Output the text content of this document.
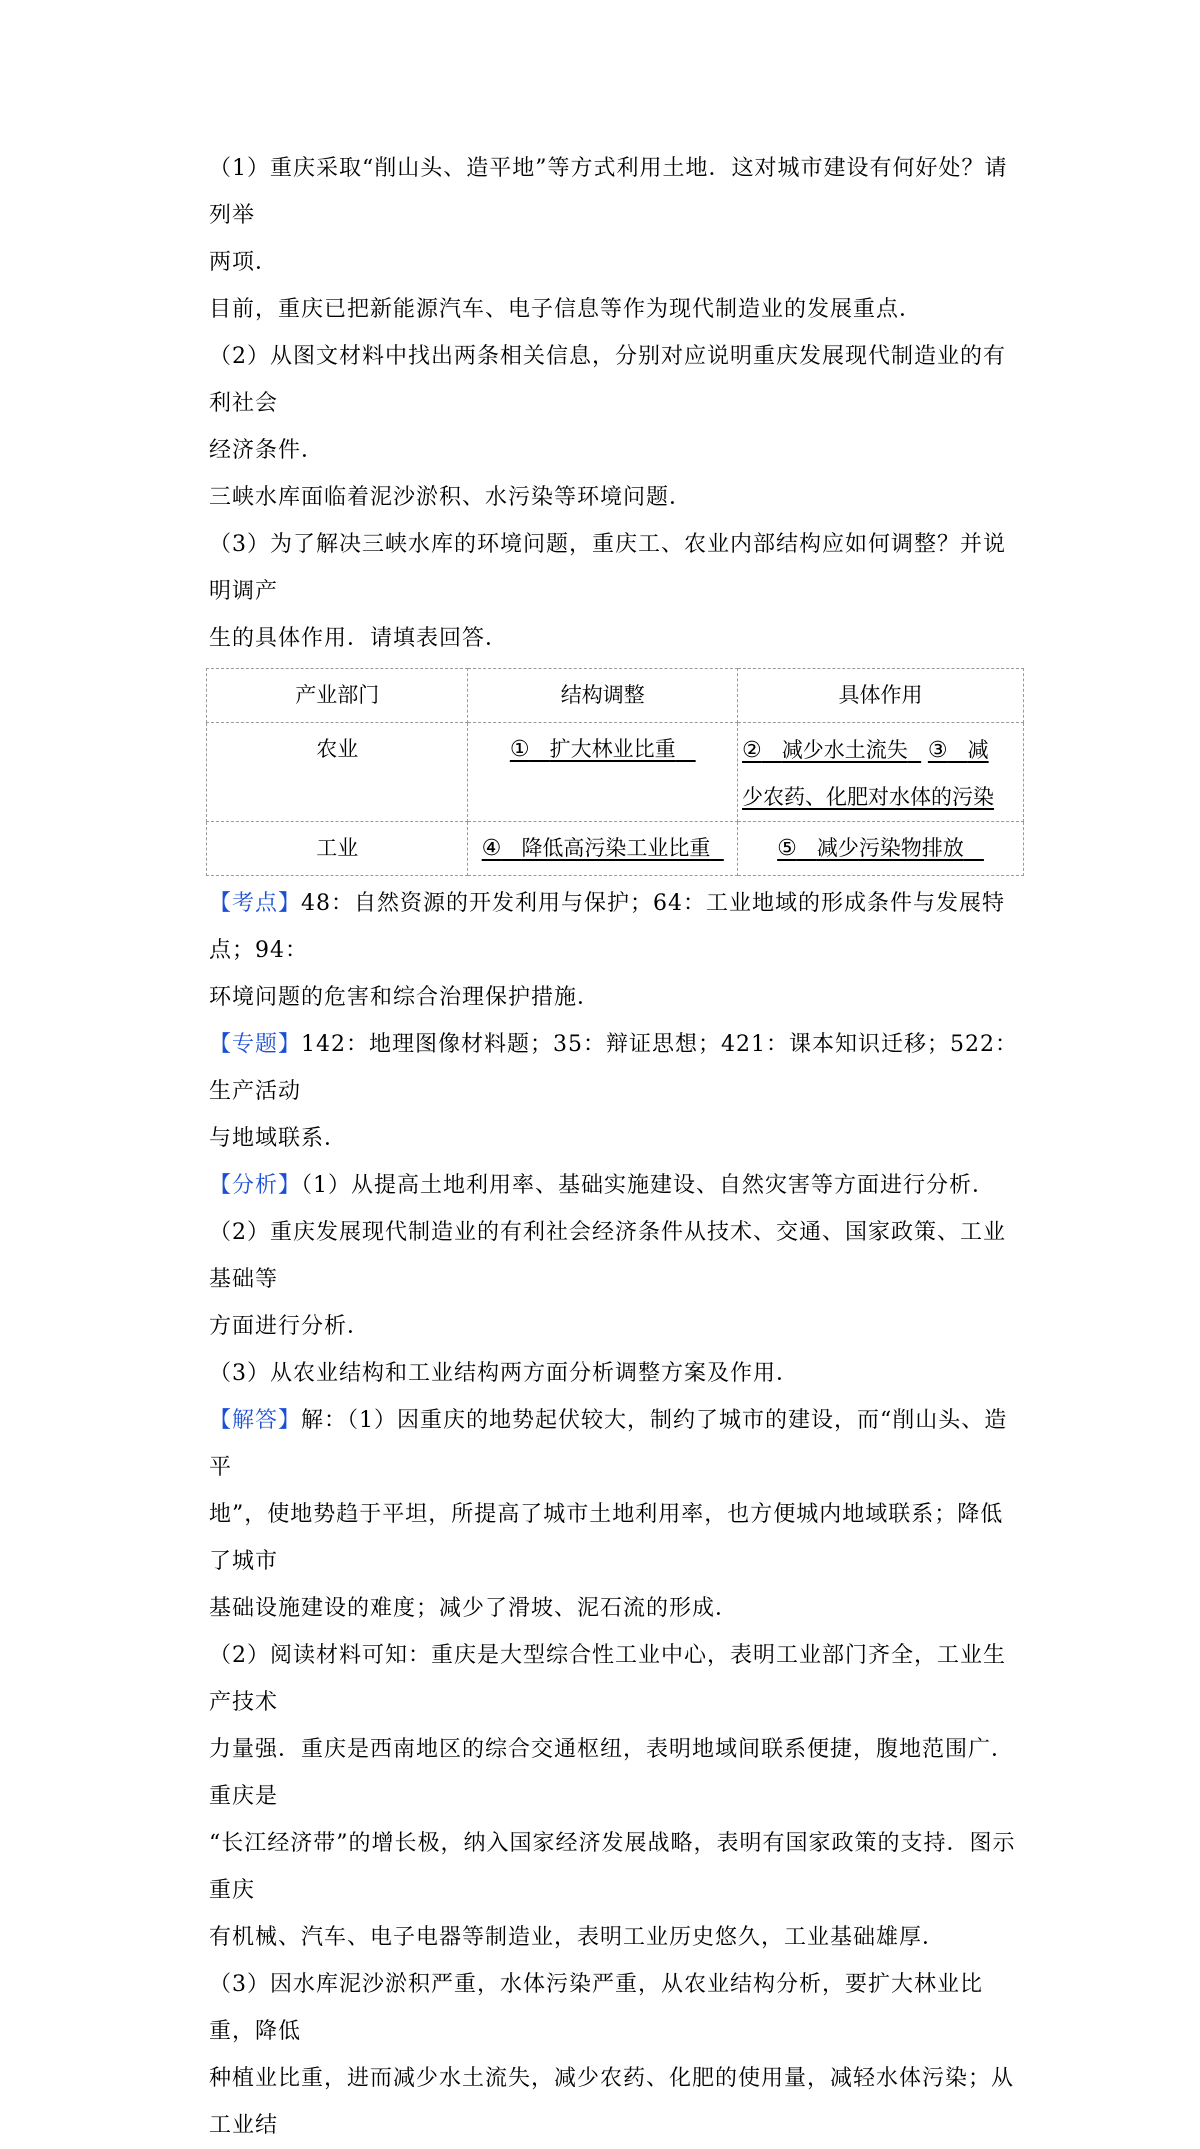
（1）重庆采取“削山头、造平地”等方式利用土地．这对城市建设有何好处？请列举

两项．

目前，重庆已把新能源汽车、电子信息等作为现代制造业的发展重点．

（2）从图文材料中找出两条相关信息，分别对应说明重庆发展现代制造业的有利社会

经济条件．

三峡水库面临着泥沙淤积、水污染等环境问题．

（3）为了解决三峡水库的环境问题，重庆工、农业内部结构应如何调整？并说明调产

生的具体作用．请填表回答．

产业部门	结构调整	具体作用
农业	① 扩大林业比重	② 减少水土流失 ③ 减
少农药、化肥对水体的污染
工业	④ 降低高污染工业比重	⑤ 减少污染物排放

【考点】48：自然资源的开发利用与保护；64：工业地域的形成条件与发展特点；94：

环境问题的危害和综合治理保护措施．

【专题】142：地理图像材料题；35：辩证思想；421：课本知识迁移；522：生产活动

与地域联系．

【分析】（1）从提高土地利用率、基础实施建设、自然灾害等方面进行分析．

（2）重庆发展现代制造业的有利社会经济条件从技术、交通、国家政策、工业基础等

方面进行分析．

（3）从农业结构和工业结构两方面分析调整方案及作用．

【解答】解：（1）因重庆的地势起伏较大，制约了城市的建设，而“削山头、造平

地”，使地势趋于平坦，所提高了城市土地利用率，也方便城内地域联系；降低了城市

基础设施建设的难度；减少了滑坡、泥石流的形成．

（2）阅读材料可知：重庆是大型综合性工业中心，表明工业部门齐全，工业生产技术

力量强．重庆是西南地区的综合交通枢纽，表明地域间联系便捷，腹地范围广．重庆是

“长江经济带”的增长极，纳入国家经济发展战略，表明有国家政策的支持．图示重庆

有机械、汽车、电子电器等制造业，表明工业历史悠久，工业基础雄厚．

（3）因水库泥沙淤积严重，水体污染严重，从农业结构分析，要扩大林业比重，降低

种植业比重，进而减少水土流失，减少农药、化肥的使用量，减轻水体污染；从工业结
